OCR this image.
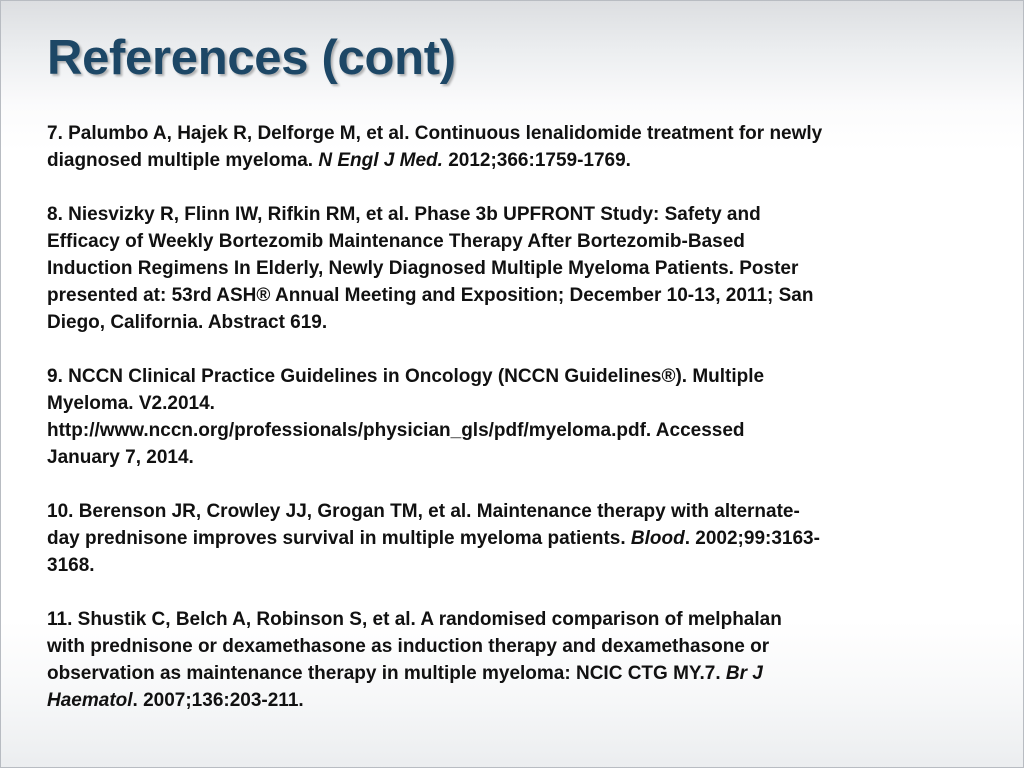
References (cont)

7. Palumbo A, Hajek R, Delforge M, et al. Continuous lenalidomide treatment for newly
diagnosed multiple myeloma. N Engl J Med. 2012;366:1759-1769.

8. Niesvizky R, Flinn IW, Rifkin RM, et al. Phase 3b UPFRONT Study: Safety and
Efficacy of Weekly Bortezomib Maintenance Therapy After Bortezomib-Based
Induction Regimens In Elderly, Newly Diagnosed Multiple Myeloma Patients. Poster
presented at: 53rd ASH® Annual Meeting and Exposition; December 10-13, 2011; San
Diego, California. Abstract 619.

9. NCCN Clinical Practice Guidelines in Oncology (NCCN Guidelines®). Multiple
Myeloma. V2.2014.
http://www.nccn.org/professionals/physician_gls/pdf/myeloma.pdf. Accessed
January 7, 2014.

10. Berenson JR, Crowley JJ, Grogan TM, et al. Maintenance therapy with alternate-
day prednisone improves survival in multiple myeloma patients. Blood. 2002;99:3163-
3168.

11. Shustik C, Belch A, Robinson S, et al. A randomised comparison of melphalan
with prednisone or dexamethasone as induction therapy and dexamethasone or
observation as maintenance therapy in multiple myeloma: NCIC CTG MY.7. Br J
Haematol. 2007;136:203-211.
